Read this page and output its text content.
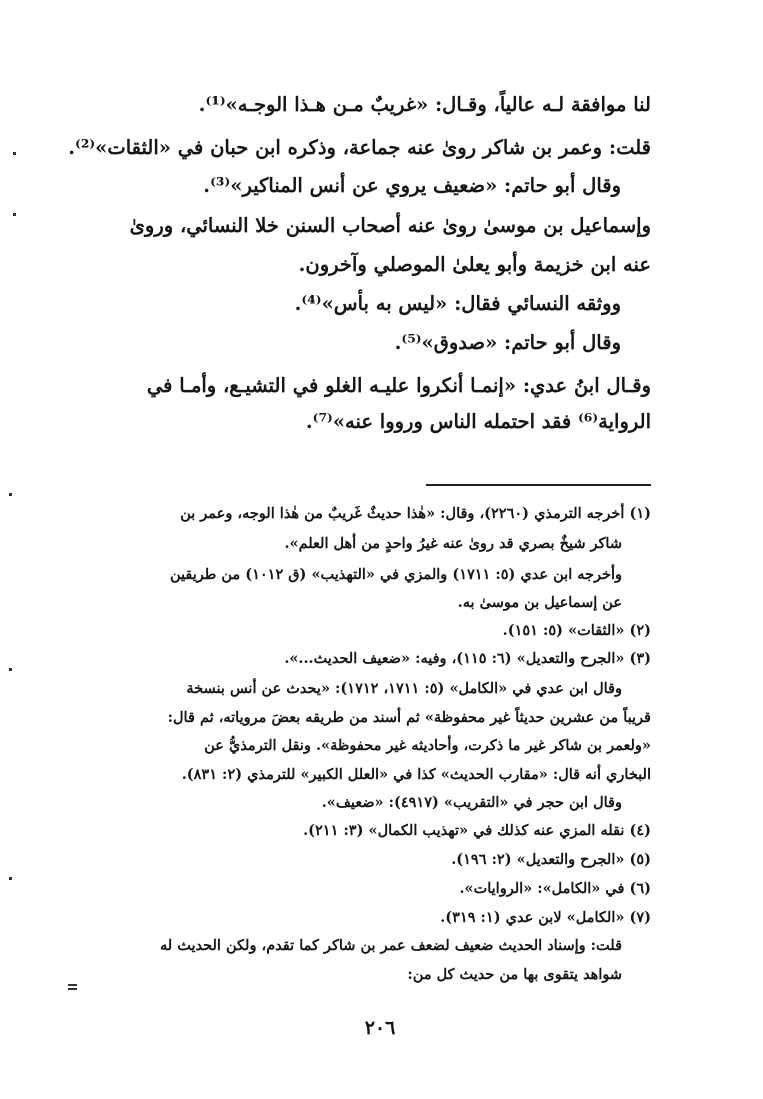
لنا موافقة لـه عالياً، وقـال: «غريبٌ مـن هـذا الوجـه»⁽¹⁾.
قلت: وعمر بن شاكر روىٰ عنه جماعة، وذكره ابن حبان في «الثقات»⁽²⁾.
وقال أبو حاتم: «ضعيف يروي عن أنس المناكير»⁽³⁾.
وإسماعيل بن موسىٰ روىٰ عنه أصحاب السنن خلا النسائي، وروىٰ
عنه ابن خزيمة وأبو يعلىٰ الموصلي وآخرون.
ووثقه النسائي فقال: «ليس به بأس»⁽⁴⁾.
وقال أبو حاتم: «صدوق»⁽⁵⁾.
وقـال ابنُ عدي: «إنمـا أنكروا عليـه الغلو في التشيـع، وأمـا في
الرواية⁽⁶⁾ فقد احتمله الناس ورووا عنه»⁽⁷⁾.
(١) أخرجه الترمذي (٢٢٦٠)، وقال: «هٰذا حديثٌ غَريبٌ من هٰذا الوجه، وعمر بن
شاكر شيخٌ بصري قد روىٰ عنه غيرُ واحدٍ من أهل العلم».
وأخرجه ابن عدي (٥: ١٧١١) والمزي في «التهذيب» (ق ١٠١٢) من طريقين
عن إسماعيل بن موسىٰ به.
(٢) «الثقات» (٥: ١٥١).
(٣) «الجرح والتعديل» (٦: ١١٥)، وفيه: «ضعيف الحديث...».
وقال ابن عدي في «الكامل» (٥: ١٧١١، ١٧١٢): «يحدث عن أنس بنسخة
قريباً من عشرين حديثاً غير محفوظة» ثم أسند من طريقه بعضَ مروياته، ثم قال:
«ولعمر بن شاكر غير ما ذكرت، وأحاديثه غير محفوظة». ونقل الترمذيُّ عن
البخاري أنه قال: «مقارب الحديث» كذا في «العلل الكبير» للترمذي (٢: ٨٣١).
وقال ابن حجر في «التقريب» (٤٩١٧): «ضعيف».
(٤) نقله المزي عنه كذلك في «تهذيب الكمال» (٣: ٢١١).
(٥) «الجرح والتعديل» (٢: ١٩٦).
(٦) في «الكامل»: «الروايات».
(٧) «الكامل» لابن عدي (١: ٣١٩).
قلت: وإسناد الحديث ضعيف لضعف عمر بن شاكر كما تقدم، ولكن الحديث له
شواهد يتقوى بها من حديث كل من:
٢٠٦
